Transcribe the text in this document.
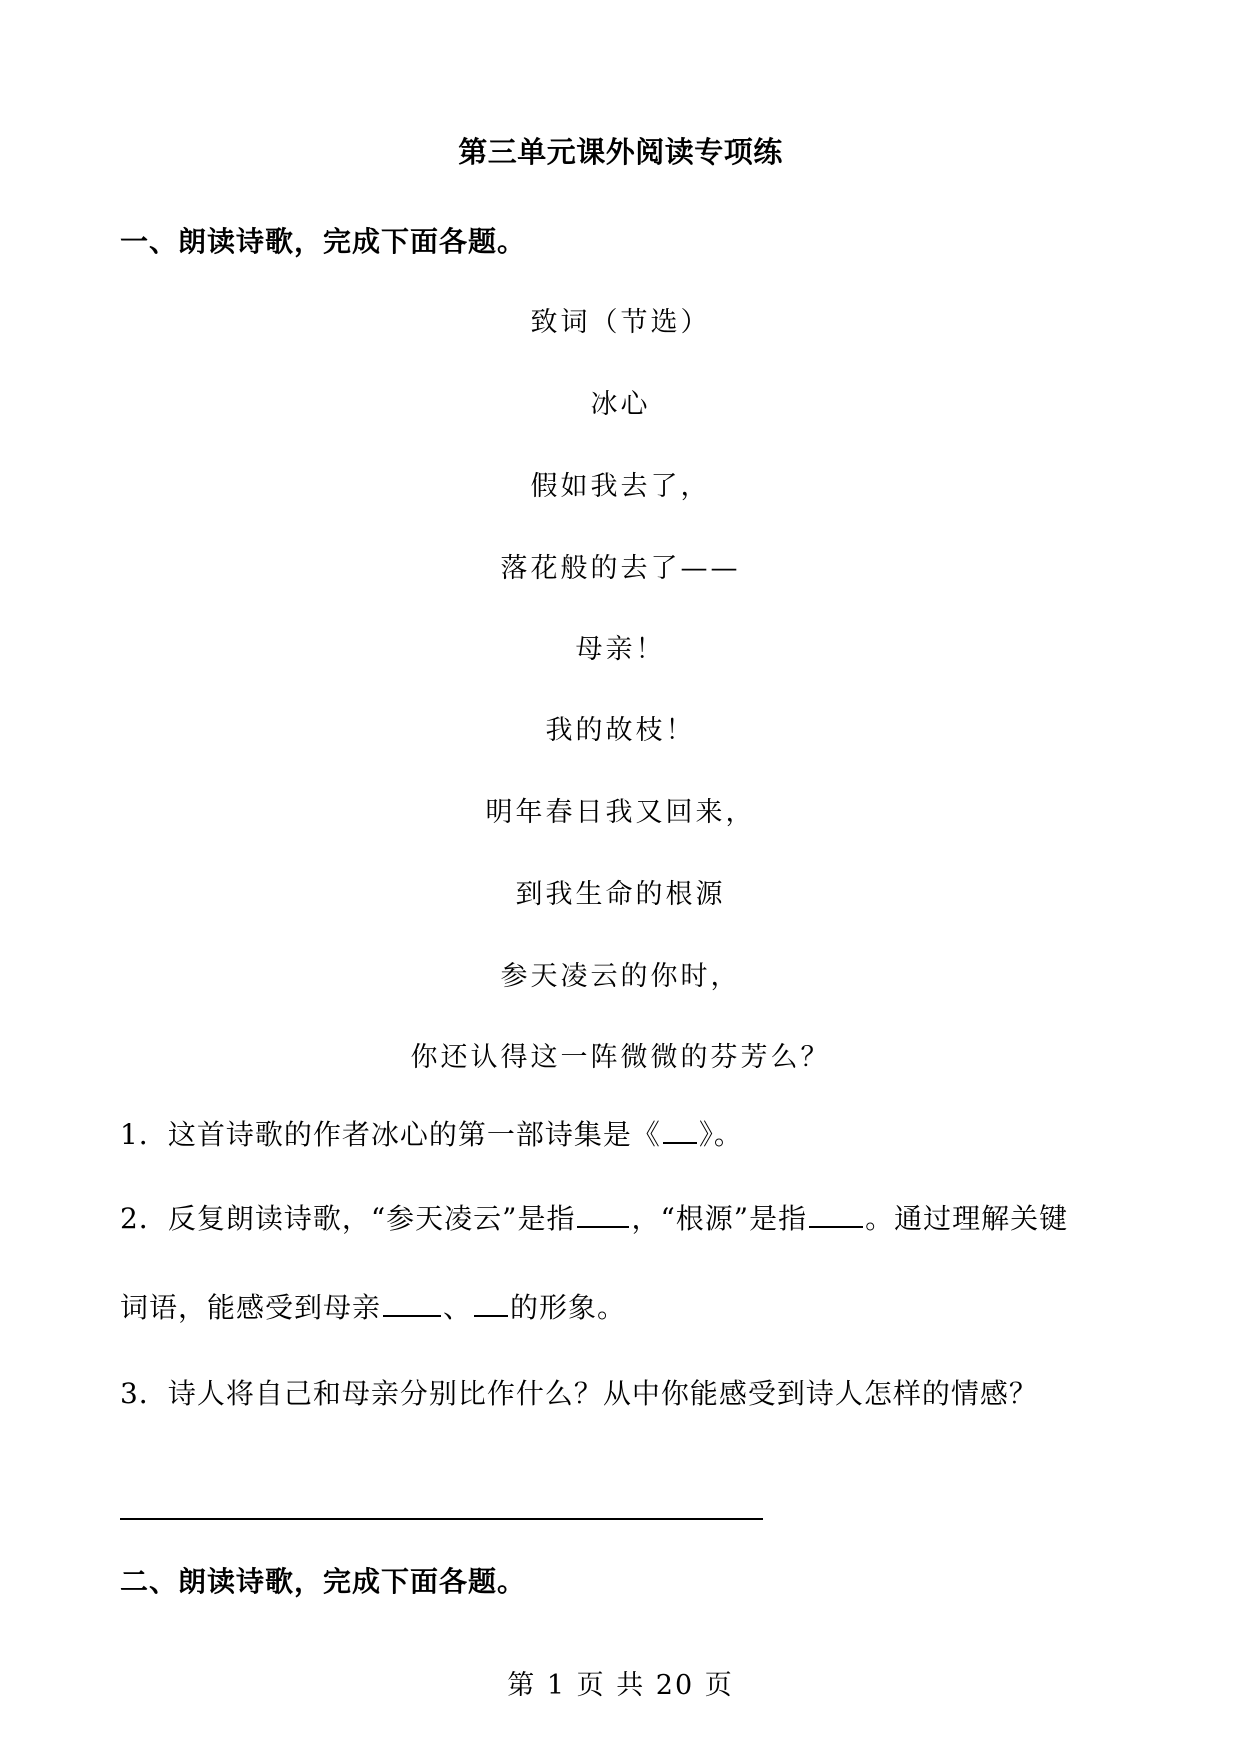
第三单元课外阅读专项练
一、朗读诗歌，完成下面各题。
致词（节选）
冰心
假如我去了，
落花般的去了——
母亲！
我的故枝！
明年春日我又回来，
到我生命的根源
参天凌云的你时，
你还认得这一阵微微的芬芳么？
1．这首诗歌的作者冰心的第一部诗集是《 》。
2．反复朗读诗歌，“参天凌云”是指 ，“根源”是指 。通过理解关键
词语，能感受到母亲 、 的形象。
3．诗人将自己和母亲分别比作什么？从中你能感受到诗人怎样的情感？
二、朗读诗歌，完成下面各题。
第 1 页 共 20 页
